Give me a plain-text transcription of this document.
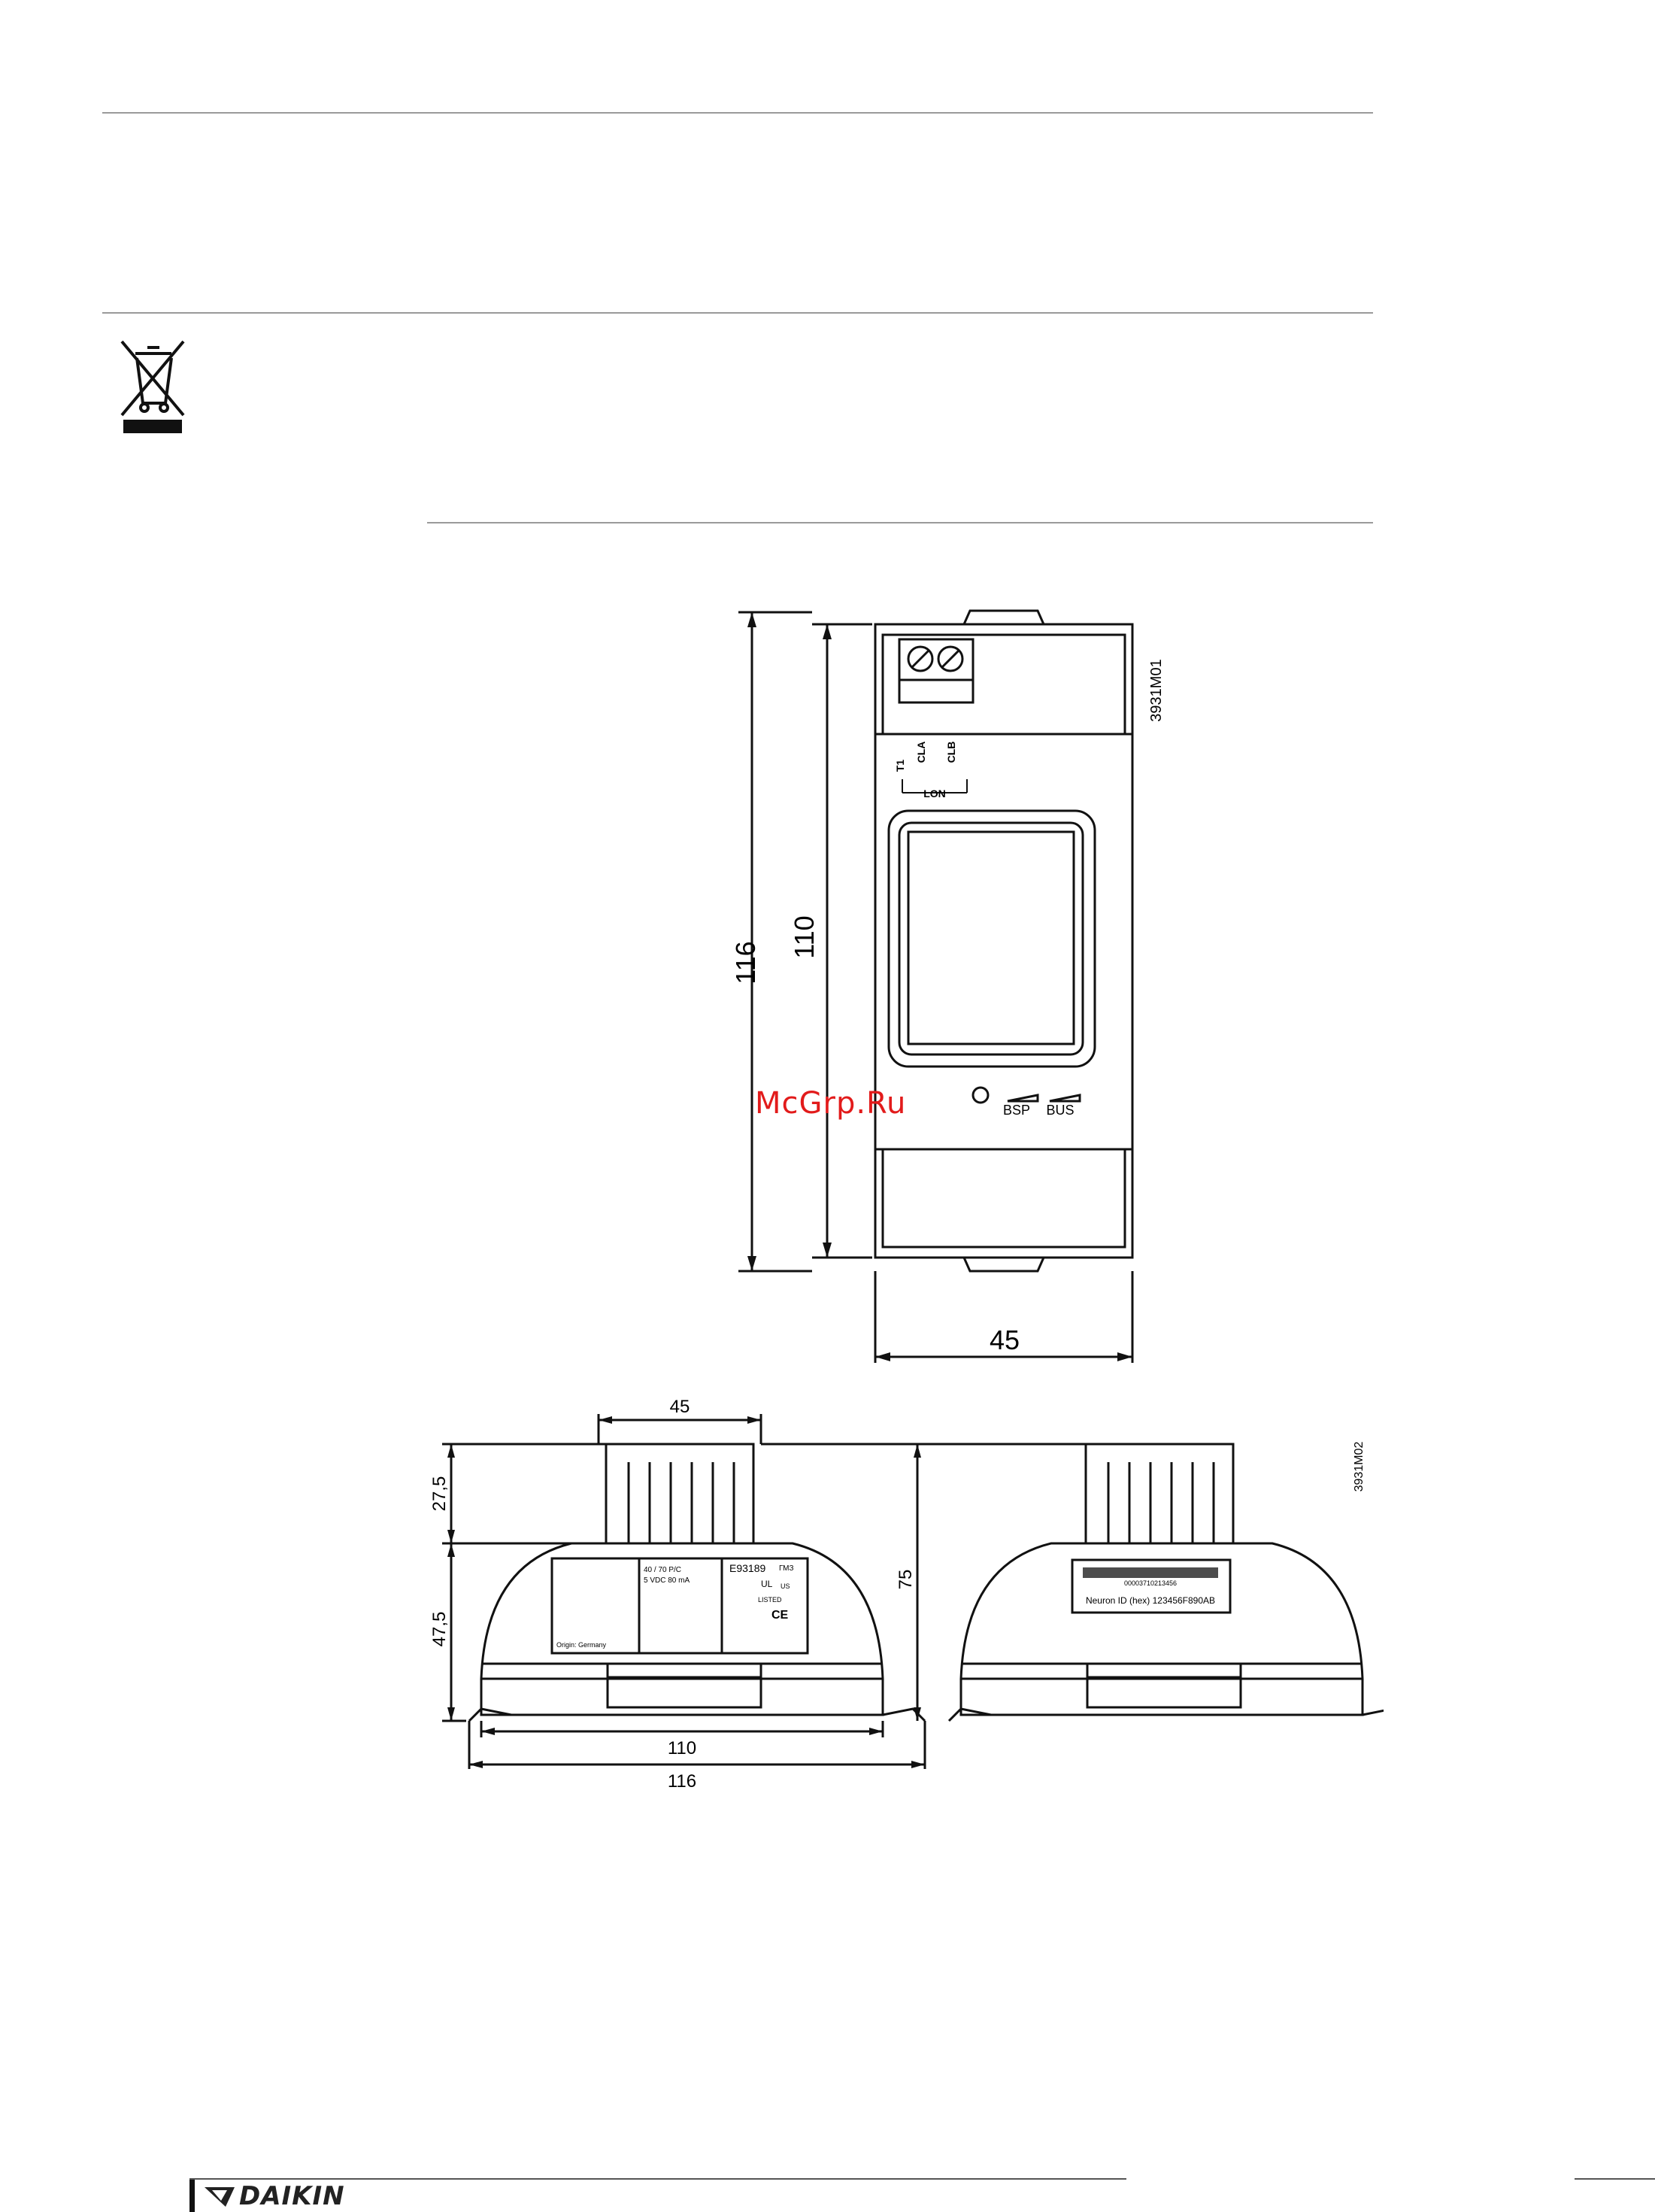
116
110
45
3931M01
T1
CLA CLB
LON
BSP BUS
45
27,5
47,5
75
110
116
3931M02
E93189 ГМЗ
UL US
LISTED
CE
40 / 70 P/C
5 VDC 80 mA
Origin: Germany
00003710213456
Neuron ID (hex) 123456F890AB
McGrp.Ru
DAIKIN
